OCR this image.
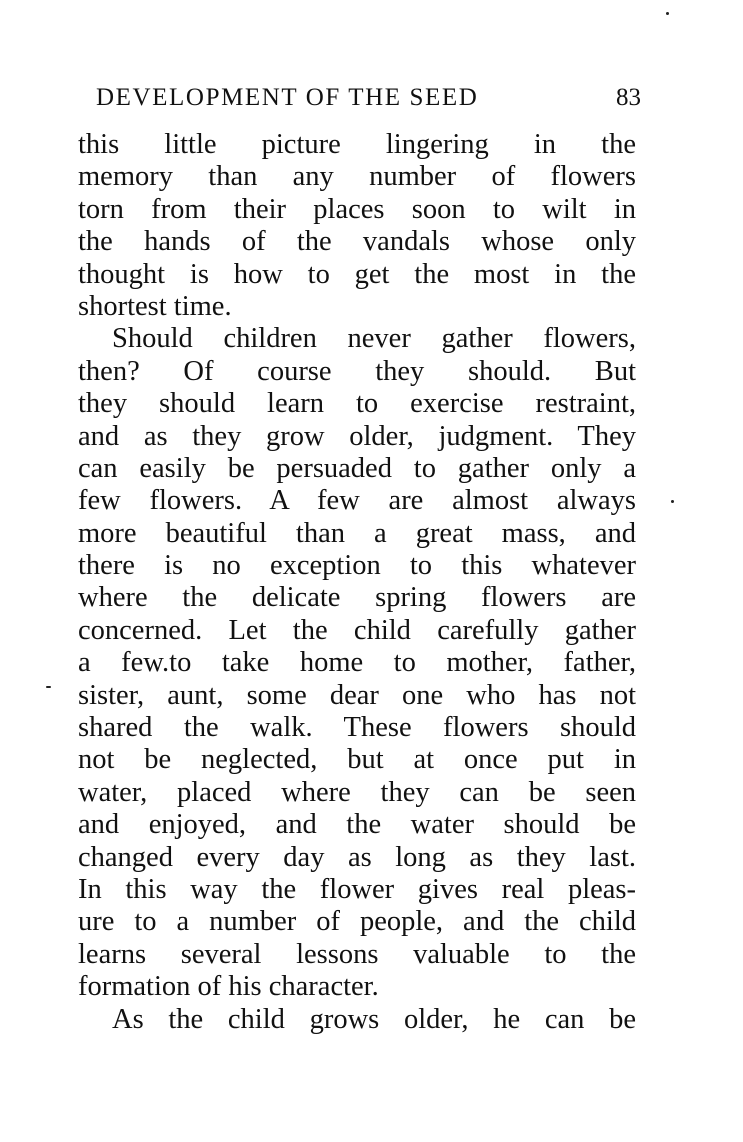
DEVELOPMENT OF THE SEED	83
this little picture lingering in the
memory than any number of flowers
torn from their places soon to wilt in
the hands of the vandals whose only
thought is how to get the most in the
shortest time.
Should children never gather flowers,
then? Of course they should. But
they should learn to exercise restraint,
and as they grow older, judgment. They
can easily be persuaded to gather only a
few flowers. A few are almost always
more beautiful than a great mass, and
there is no exception to this whatever
where the delicate spring flowers are
concerned. Let the child carefully gather
a few.to take home to mother, father,
sister, aunt, some dear one who has not
shared the walk. These flowers should
not be neglected, but at once put in
water, placed where they can be seen
and enjoyed, and the water should be
changed every day as long as they last.
In this way the flower gives real pleas-
ure to a number of people, and the child
learns several lessons valuable to the
formation of his character.
As the child grows older, he can be
